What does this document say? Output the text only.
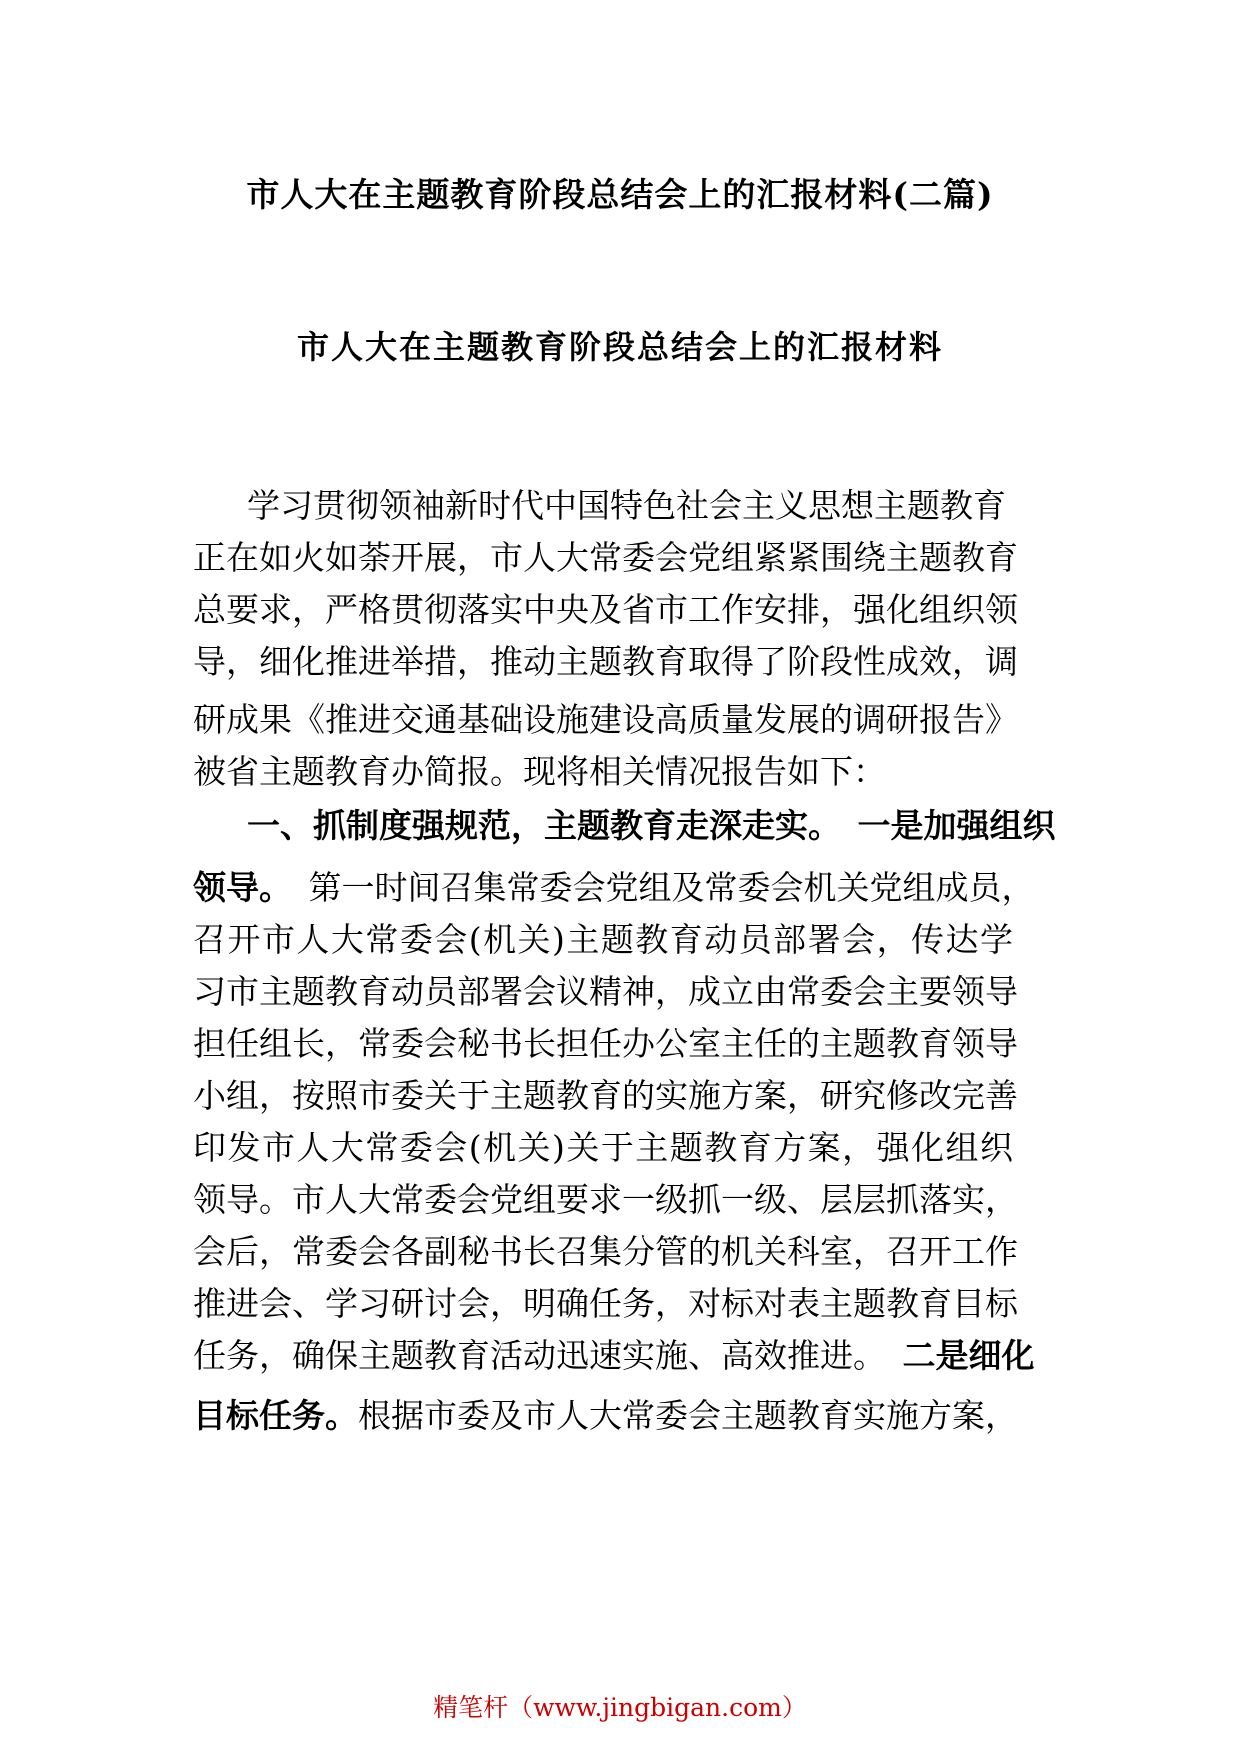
市人大在主题教育阶段总结会上的汇报材料(二篇)
市人大在主题教育阶段总结会上的汇报材料

学习贯彻领袖新时代中国特色社会主义思想主题教育

正在如火如荼开展，市人大常委会党组紧紧围绕主题教育

总要求，严格贯彻落实中央及省市工作安排，强化组织领

导，细化推进举措，推动主题教育取得了阶段性成效，调

研成果《推进交通基础设施建设高质量发展的调研报告》

被省主题教育办简报。现将相关情况报告如下：

一、抓制度强规范，主题教育走深走实。　一是加强组织

领导。　 第一时间召集常委会党组及常委会机关党组成员，

召开市人大常委会(机关)主题教育动员部署会，传达学

习市主题教育动员部署会议精神，成立由常委会主要领导

担任组长，常委会秘书长担任办公室主任的主题教育领导

小组，按照市委关于主题教育的实施方案，研究修改完善

印发市人大常委会(机关)关于主题教育方案，强化组织

领导。市人大常委会党组要求一级抓一级、层层抓落实，

会后，常委会各副秘书长召集分管的机关科室，召开工作

推进会、学习研讨会，明确任务，对标对表主题教育目标

任务，确保主题教育活动迅速实施、高效推进。　 二是细化

目标任务。根据市委及市人大常委会主题教育实施方案，

精笔杆（www.jingbigan.com）
